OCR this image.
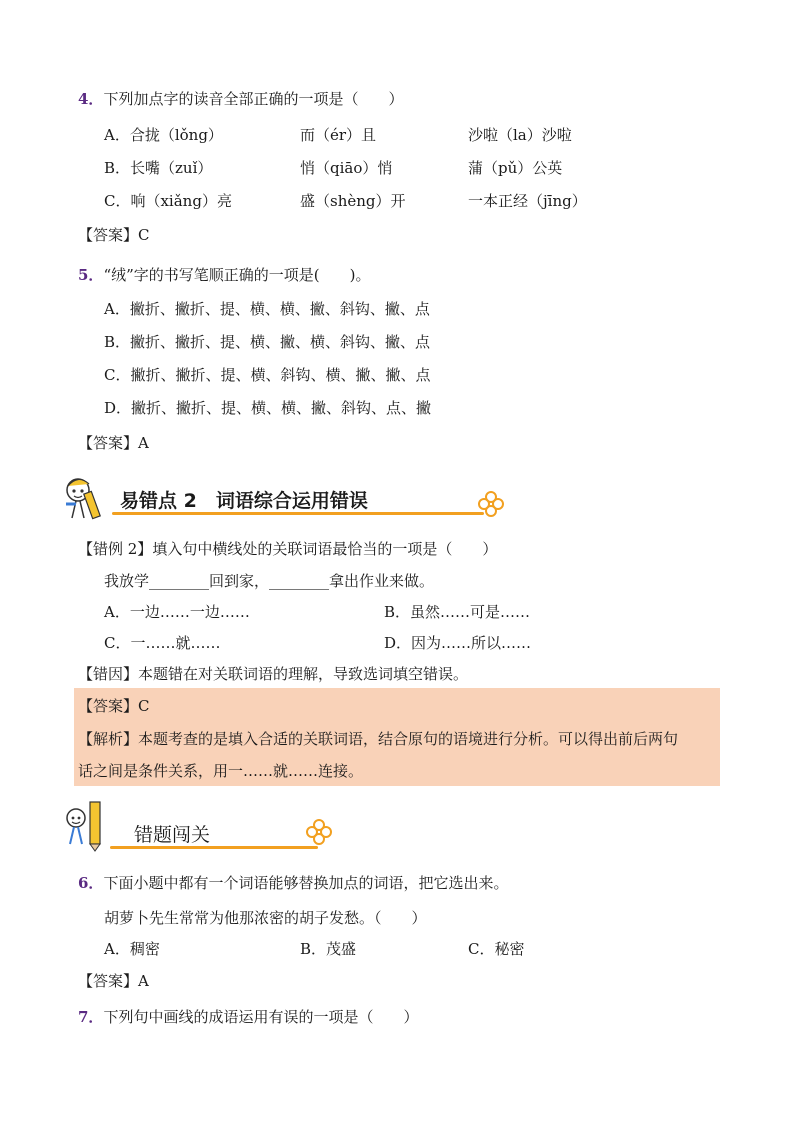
4．下列加点字的读音全部正确的一项是（　　）
A．合拢（lǒng）	而（ér）且	沙啦（la）沙啦
B．长嘴（zuǐ）	悄（qiāo）悄	蒲（pǔ）公英
C．响（xiǎng）亮	盛（shèng）开	一本正经（jīng）
【答案】C
5．“绒”字的书写笔顺正确的一项是(　　)。
A．撇折、撇折、提、横、横、撇、斜钩、撇、点
B．撇折、撇折、提、横、撇、横、斜钩、撇、点
C．撇折、撇折、提、横、斜钩、横、撇、撇、点
D．撇折、撇折、提、横、横、撇、斜钩、点、撇
【答案】A
易错点 2　词语综合运用错误
【错例 2】填入句中横线处的关联词语最恰当的一项是（　　）
我放学________回到家，________拿出作业来做。
A．一边……一边……	B．虽然……可是……
C．一……就……	D．因为……所以……
【错因】本题错在对关联词语的理解，导致选词填空错误。
【答案】C
【解析】本题考查的是填入合适的关联词语，结合原句的语境进行分析。可以得出前后两句
话之间是条件关系，用一……就……连接。
错题闯关
6．下面小题中都有一个词语能够替换加点的词语，把它选出来。
胡萝卜先生常常为他那浓密的胡子发愁。（　　）
A．稠密	B．茂盛	C．秘密
【答案】A
7．下列句中画线的成语运用有误的一项是（　　）
